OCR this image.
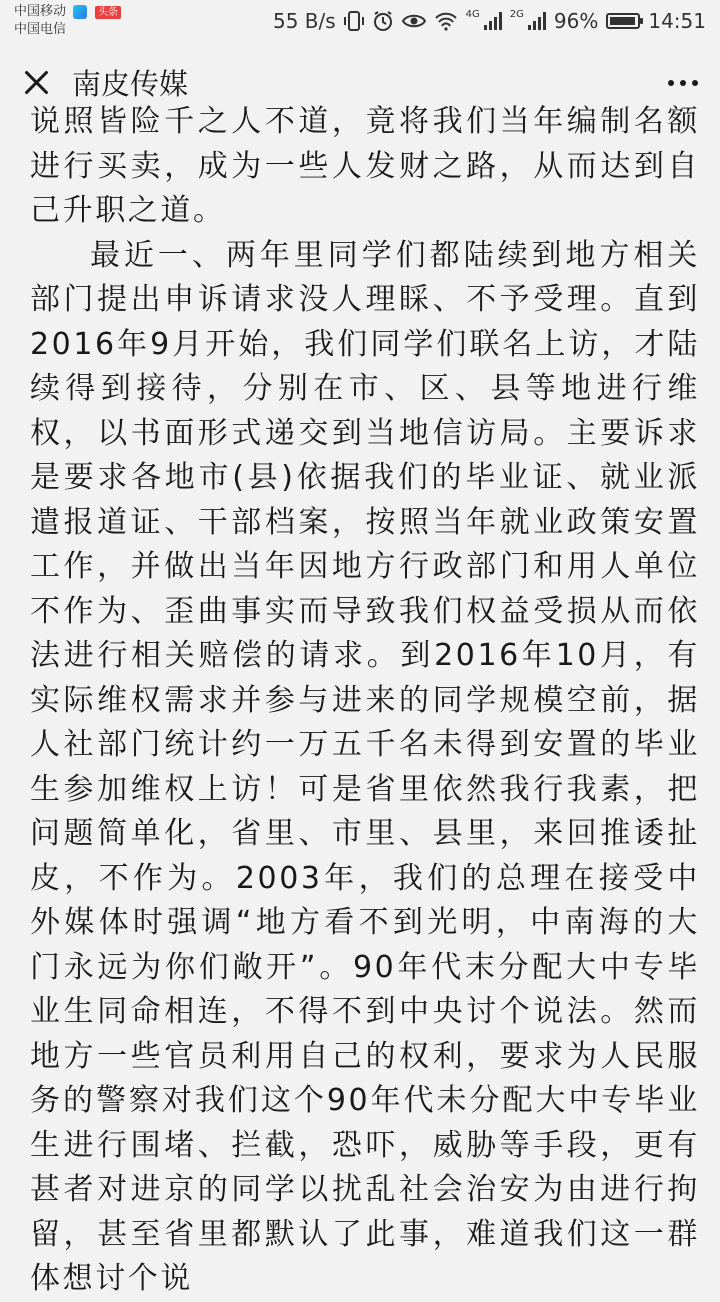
中国移动	头条
中国电信	55 B/s	4G	2G 96%	14:51
南皮传媒

说照皆险千之人不道，竟将我们当年编制名额进行买卖，成为一些人发财之路，从而达到自己升职之道。

最近一、两年里同学们都陆续到地方相关部门提出申诉请求没人理睬、不予受理。直到2016年9月开始，我们同学们联名上访，才陆续得到接待，分别在市、区、县等地进行维权，以书面形式递交到当地信访局。主要诉求是要求各地市(县)依据我们的毕业证、就业派遣报道证、干部档案，按照当年就业政策安置工作，并做出当年因地方行政部门和用人单位不作为、歪曲事实而导致我们权益受损从而依法进行相关赔偿的请求。到2016年10月，有实际维权需求并参与进来的同学规模空前，据人社部门统计约一万五千名未得到安置的毕业生参加维权上访！可是省里依然我行我素，把问题简单化，省里、市里、县里，来回推诿扯皮，不作为。2003年，我们的总理在接受中外媒体时强调“地方看不到光明，中南海的大门永远为你们敞开”。90年代末分配大中专毕业生同命相连，不得不到中央讨个说法。然而地方一些官员利用自己的权利，要求为人民服务的警察对我们这个90年代未分配大中专毕业生进行围堵、拦截，恐吓，威胁等手段，更有甚者对进京的同学以扰乱社会治安为由进行拘留，甚至省里都默认了此事，难道我们这一群体想讨个说
